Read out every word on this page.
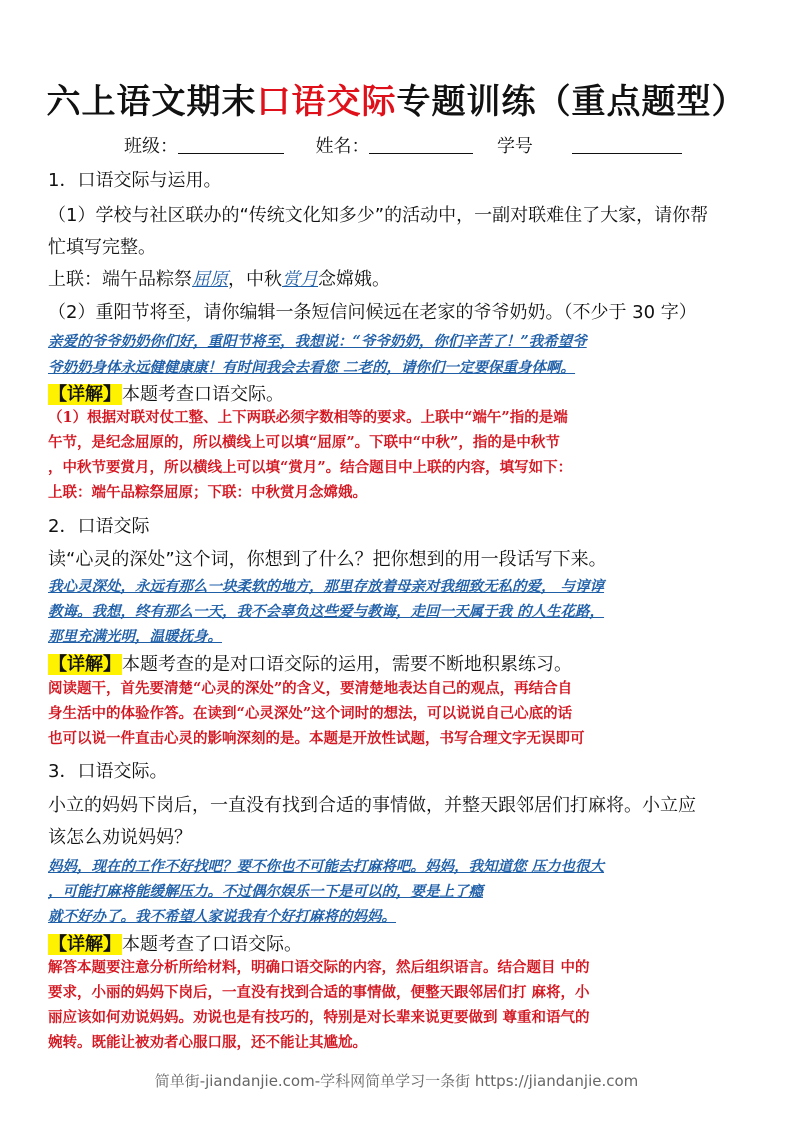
六上语文期末口语交际专题训练（重点题型）
班级：	姓名：	学号
1．口语交际与运用。
（1）学校与社区联办的“传统文化知多少”的活动中，一副对联难住了大家，请你帮
忙填写完整。
上联：端午品粽祭屈原，中秋赏月念嫦娥。
（2）重阳节将至，请你编辑一条短信问候远在老家的爷爷奶奶。（不少于 30 字）
亲爱的爷爷奶奶你们好，重阳节将至，我想说：“爷爷奶奶，你们辛苦了！”我希望爷
爷奶奶身体永远健健康康！有时间我会去看您 二老的，请你们一定要保重身体啊。
【详解】本题考查口语交际。
（1）根据对联对仗工整、上下两联必须字数相等的要求。上联中“端午”指的是端
午节，是纪念屈原的，所以横线上可以填“屈原”。下联中“中秋”，指的是中秋节
，中秋节要赏月，所以横线上可以填“赏月”。结合题目中上联的内容，填写如下：
上联：端午品粽祭屈原；下联：中秋赏月念嫦娥。
2．口语交际
读“心灵的深处”这个词，你想到了什么？把你想到的用一段话写下来。
我心灵深处，永远有那么一块柔软的地方，那里存放着母亲对我细致无私的爱， 与谆谆
教诲。我想，终有那么一天，我不会辜负这些爱与教诲，走回一天属于我 的人生花路，
那里充满光明，温暖抚身。
【详解】本题考查的是对口语交际的运用，需要不断地积累练习。
阅读题干，首先要清楚“心灵的深处”的含义，要清楚地表达自己的观点，再结合自
身生活中的体验作答。在读到“心灵深处”这个词时的想法，可以说说自己心底的话
也可以说一件直击心灵的影响深刻的是。本题是开放性试题，书写合理文字无误即可
3．口语交际。
小立的妈妈下岗后，一直没有找到合适的事情做，并整天跟邻居们打麻将。小立应
该怎么劝说妈妈？
妈妈，现在的工作不好找吧？要不你也不可能去打麻将吧。妈妈，我知道您 压力也很大
，可能打麻将能缓解压力。不过偶尔娱乐一下是可以的，要是上了瘾
就不好办了。我不希望人家说我有个好打麻将的妈妈。
【详解】本题考查了口语交际。
解答本题要注意分析所给材料，明确口语交际的内容，然后组织语言。结合题目 中的
要求，小丽的妈妈下岗后，一直没有找到合适的事情做，便整天跟邻居们打 麻将，小
丽应该如何劝说妈妈。劝说也是有技巧的，特别是对长辈来说更要做到 尊重和语气的
婉转。既能让被劝者心服口服，还不能让其尴尬。
简单街-jiandanjie.com-学科网简单学习一条街 https://jiandanjie.com
